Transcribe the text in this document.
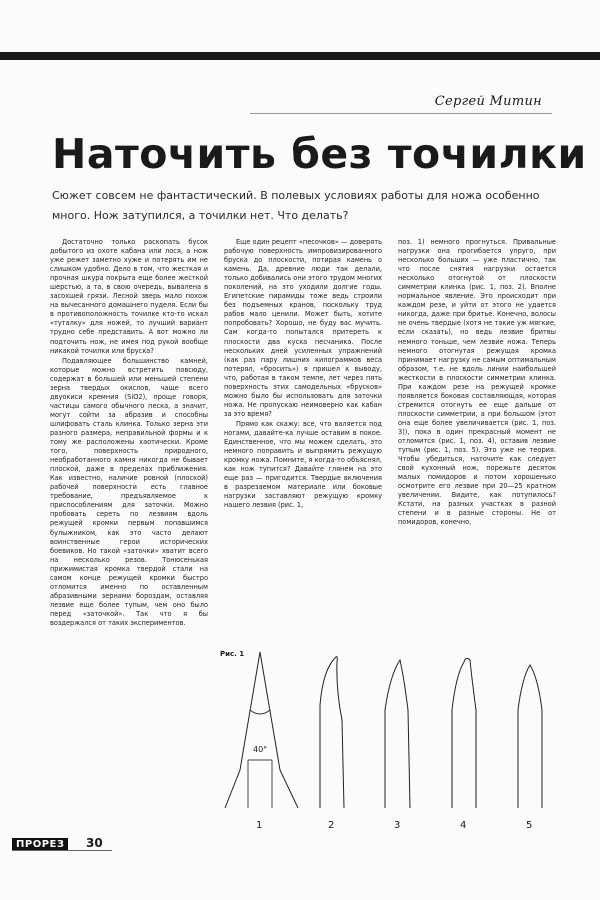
Сергей Митин
Наточить без точилки
Сюжет совсем не фантастический. В полевых условиях работы для ножа особенно много. Нож затупился, а точилки нет. Что делать?

Достаточно только раскопать бусок добытого из охоте кабана или лося, а нож уже режет заметно хуже и потерять им не слишком удобно. Дело в том, что жесткая и прочная шкура покрыта еще более жесткой шерстью, а та, в свою очередь, вывалена в засохшей грязи. Лесной зверь мало похож на вычесанного домашнего пуделя. Если бы в противоположность точилке кто-то искал «туталку» для ножей, то лучший вариант трудно себе представить. А вот можно ли подточить нож, не имея под рукой вообще никакой точилки или бруска?

Подавляющее большинство камней, которые можно встретить повсюду, содержат в большей или меньшей степени зерна твердых окислов, чаще всего двуокиси кремния (SiO2), проще говоря, частицы самого обычного песка, а значит, могут сойти за абразив и способны шлифовать сталь клинка. Только зерна эти разного размера, неправильной формы и к тому же расположены хаотически. Кроме того, поверхность природного, необработанного камня никогда не бывает плоской, даже в пределах приближения. Как известно, наличие ровной (плоской) рабочей поверхности есть главное требование, предъявляемое к приспособлениям для заточки. Можно пробовать сереть по лезвиям вдоль режущей кромки первым попавшимся булыжником, как это часто делают воинственные герои исторических боевиков. Но такой «заточки» хватит всего на несколько резов. Тонюсенькая прижимистая кромка твердой стали на самом конце режущей кромки быстро отломится именно по оставленным абразивными зернами бороздам, оставляя лезвие еще более тупым, чем оно было перед «заточкой». Так что я бы воздержался от таких экспериментов.

Еще один рецепт «песочков» — доверять рабочую поверхность импровизированного бруска до плоскости, потирая камень о камень. Да, древние люди так делали, только добивались они этого трудом многих поколений, на это уходили долгие годы. Египетские пирамиды тоже ведь строили без подъемных кранов, поскольку труд рабов мало ценили. Может быть, хотите попробовать? Хорошо, не буду вас мучить. Сам когда-то попытался притереть к плоскости два куска песчаника. После нескольких дней усиленных упражнений (как раз пару лишних килограммов веса потерял, «бросить») я пришел к выводу, что, работая в таком темпе, лет через пять поверхность этих самодельных «брусков» можно было бы использовать для заточки ножа. Не пропускаю неимоверно как кабан за это время?

Прямо как скажу: все, что валяется под ногами, давайте-ка лучше оставим в покое. Единственное, что мы можем сделать, это немного поправить и выпрямить режущую кромку ножа. Помните, я когда-то объяснял, как нож тупится? Давайте глянем на это еще раз — пригодится. Твердые включения в разрезаемом материале или боковые нагрузки заставляют режущую кромку нашего лезвия (рис. 1,

поз. 1) немного прогнуться. Привальные нагрузки она прогибается упруго, при несколько больших — уже пластично, так что после снятия нагрузки остается несколько отогнутой от плоскости симметрии клинка (рис. 1, поз. 2). Вполне нормальное явление. Это происходит при каждом резе, и уйти от этого не удается никогда, даже при бритье. Конечно, волосы не очень твердые (хотя не такие уж мягкие, если сказать), но ведь лезвие бритвы немного тоньше, чем лезвие ножа. Теперь немного отогнутая режущая кромка принимает нагрузку не самым оптимальным образом, т.е. не вдоль линии наибольшей жесткости в плоскости симметрии клинка. При каждом резе на режущей кромке появляется боковая составляющая, которая стремится отогнуть ее еще дальше от плоскости симметрии, а при большом (этот она еще более увеличивается (рис. 1, поз. 3)), пока в один прекрасный момент не отломится (рис. 1, поз. 4), оставив лезвие тупым (рис. 1, поз. 5). Это уже не теория. Чтобы убедиться, наточите как следует свой кухонный нож, порежьте десяток малых помидоров и потом хорошенько осмотрите его лезвие при 20—25 кратном увеличении. Видите, как потупилось? Кстати, на разных участках в разной степени и в разные стороны. Не от помидоров, конечно,

Рис. 1
40°
1	2	3	4	5
ПРОРЕЗ	30
